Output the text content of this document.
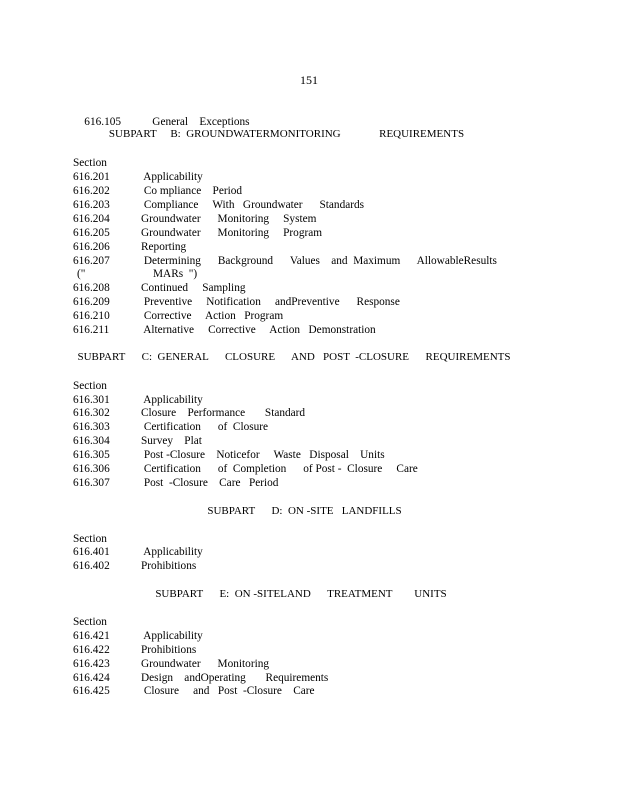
151

616.105	General    Exceptions

SUBPART     B:  GROUNDWATERMONITORING              REQUIREMENTS
Section
616.201	Applicability
616.202	Co mpliance    Period
616.203	Compliance     With   Groundwater      Standards
616.204	Groundwater      Monitoring     System
616.205	Groundwater      Monitoring     Program
616.206	Reporting
616.207	Determining      Background      Values    and  Maximum      AllowableResults
("	MARs  ")
616.208	Continued     Sampling
616.209	Preventive     Notification     andPreventive      Response
616.210	Corrective     Action   Program
616.211	Alternative     Corrective     Action   Demonstration
SUBPART      C:  GENERAL      CLOSURE      AND   POST  -CLOSURE      REQUIREMENTS
Section
616.301	Applicability
616.302	Closure    Performance       Standard
616.303	Certification      of  Closure
616.304	Survey    Plat
616.305	Post -Closure    Noticefor     Waste   Disposal    Units
616.306	Certification      of  Completion      of Post -  Closure     Care
616.307	Post  -Closure    Care   Period
SUBPART      D:  ON -SITE   LANDFILLS
Section
616.401	Applicability
616.402	Prohibitions
SUBPART      E:  ON -SITELAND      TREATMENT        UNITS
Section
616.421	Applicability
616.422	Prohibitions
616.423	Groundwater      Monitoring
616.424	Design    andOperating       Requirements
616.425	Closure     and   Post  -Closure    Care
